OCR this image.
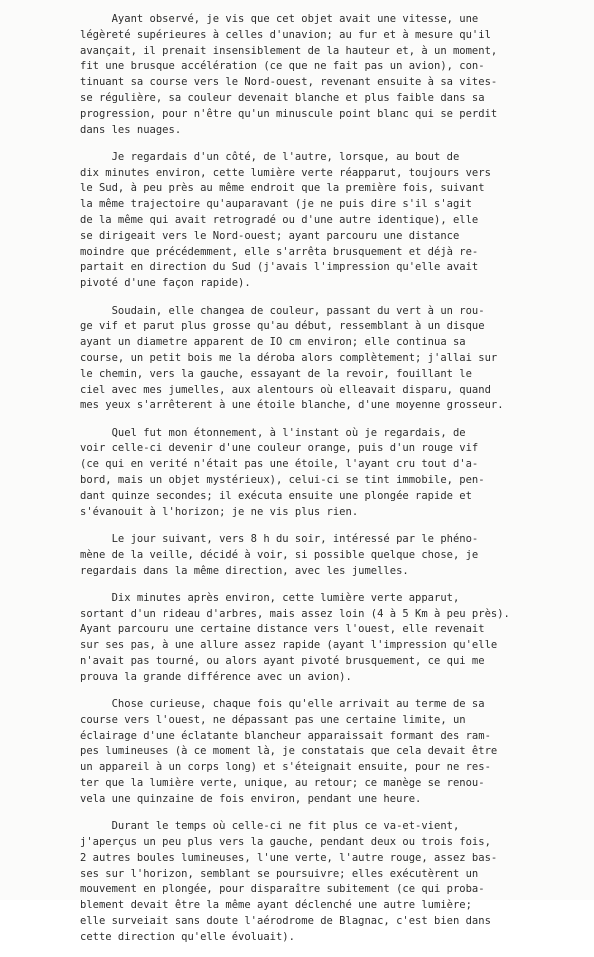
Ayant observé, je vis que cet objet avait une vitesse, une
légèreté supérieures à celles d'unavion; au fur et à mesure qu'il
avançait, il prenait insensiblement de la hauteur et, à un moment,
fit une brusque accélération (ce que ne fait pas un avion), con-
tinuant sa course vers le Nord-ouest, revenant ensuite à sa vites-
se régulière, sa couleur devenait blanche et plus faible dans sa
progression, pour n'être qu'un minuscule point blanc qui se perdit
dans les nuages.
Je regardais d'un côté, de l'autre, lorsque, au bout de
dix minutes environ, cette lumière verte réapparut, toujours vers
le Sud, à peu près au même endroit que la première fois, suivant
la même trajectoire qu'auparavant (je ne puis dire s'il s'agit
de la même qui avait retrogradé ou d'une autre identique), elle
se dirigeait vers le Nord-ouest; ayant parcouru une distance
moindre que précédemment, elle s'arrêta brusquement et déjà re-
partait en direction du Sud (j'avais l'impression qu'elle avait
pivoté d'une façon rapide).
Soudain, elle changea de couleur, passant du vert à un rou-
ge vif et parut plus grosse qu'au début, ressemblant à un disque
ayant un diametre apparent de IO cm environ; elle continua sa
course, un petit bois me la déroba alors complètement; j'allai sur
le chemin, vers la gauche, essayant de la revoir, fouillant le
ciel avec mes jumelles, aux alentours où elleavait disparu, quand
mes yeux s'arrêterent à une étoile blanche, d'une moyenne grosseur.
Quel fut mon étonnement, à l'instant où je regardais, de
voir celle-ci devenir d'une couleur orange, puis d'un rouge vif
(ce qui en verité n'était pas une étoile, l'ayant cru tout d'a-
bord, mais un objet mystérieux), celui-ci se tint immobile, pen-
dant quinze secondes; il exécuta ensuite une plongée rapide et
s'évanouit à l'horizon; je ne vis plus rien.
Le jour suivant, vers 8 h du soir, intéressé par le phéno-
mène de la veille, décidé à voir, si possible quelque chose, je
regardais dans la même direction, avec les jumelles.
Dix minutes après environ, cette lumière verte apparut,
sortant d'un rideau d'arbres, mais assez loin (4 à 5 Km à peu près).
Ayant parcouru une certaine distance vers l'ouest, elle revenait
sur ses pas, à une allure assez rapide (ayant l'impression qu'elle
n'avait pas tourné, ou alors ayant pivoté brusquement, ce qui me
prouva la grande différence avec un avion).
Chose curieuse, chaque fois qu'elle arrivait au terme de sa
course vers l'ouest, ne dépassant pas une certaine limite, un
éclairage d'une éclatante blancheur apparaissait formant des ram-
pes lumineuses (à ce moment là, je constatais que cela devait être
un appareil à un corps long) et s'éteignait ensuite, pour ne res-
ter que la lumière verte, unique, au retour; ce manège se renou-
vela une quinzaine de fois environ, pendant une heure.
Durant le temps où celle-ci ne fit plus ce va-et-vient,
j'aperçus un peu plus vers la gauche, pendant deux ou trois fois,
2 autres boules lumineuses, l'une verte, l'autre rouge, assez bas-
ses sur l'horizon, semblant se poursuivre; elles exécutèrent un
mouvement en plongée, pour disparaître subitement (ce qui proba-
blement devait être la même ayant déclenché une autre lumière;
elle surveiait sans doute l'aérodrome de Blagnac, c'est bien dans
cette direction qu'elle évoluait).
